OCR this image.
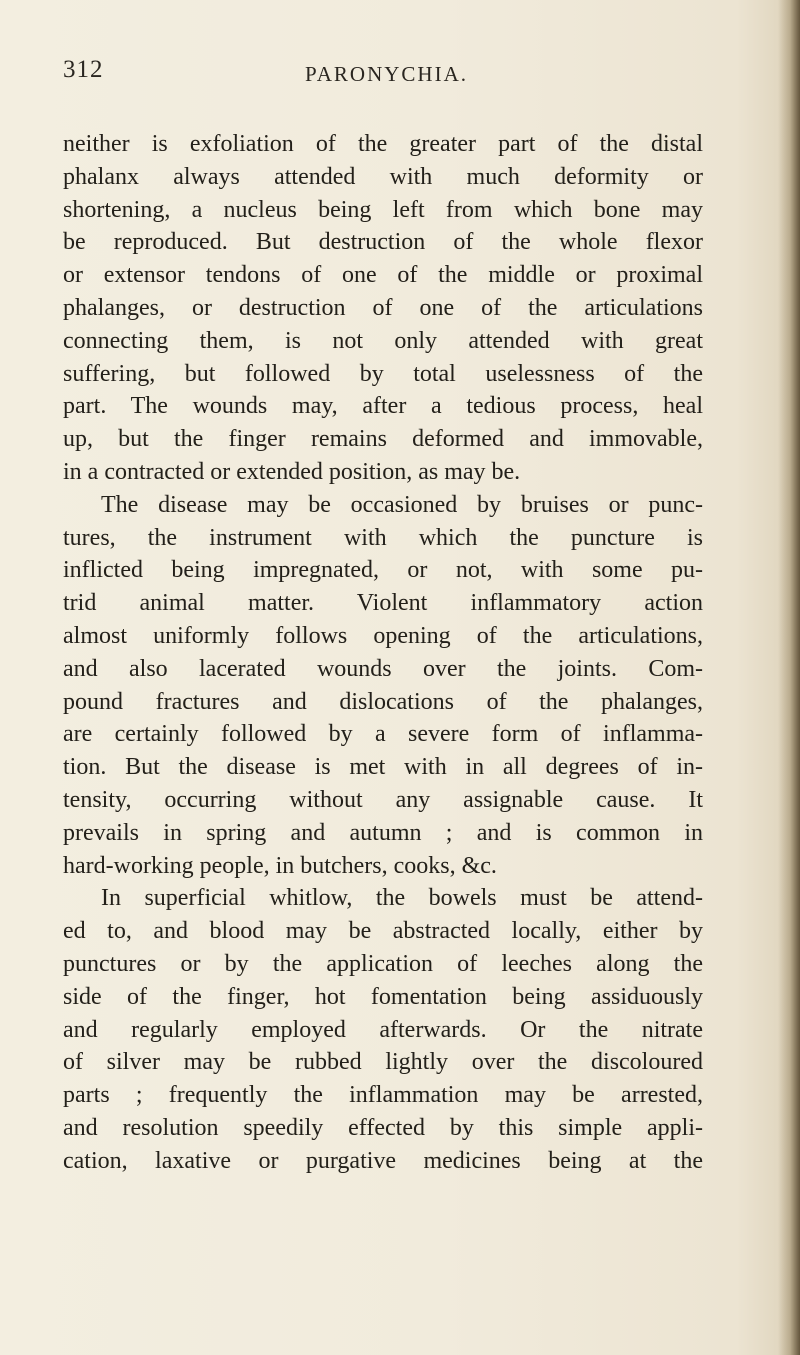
312	PARONYCHIA.
neither is exfoliation of the greater part of the distal
phalanx always attended with much deformity or
shortening, a nucleus being left from which bone may
be reproduced. But destruction of the whole flexor
or extensor tendons of one of the middle or proximal
phalanges, or destruction of one of the articulations
connecting them, is not only attended with great
suffering, but followed by total uselessness of the
part. The wounds may, after a tedious process, heal
up, but the finger remains deformed and immovable,
in a contracted or extended position, as may be.
The disease may be occasioned by bruises or punc-
tures, the instrument with which the puncture is
inflicted being impregnated, or not, with some pu-
trid animal matter. Violent inflammatory action
almost uniformly follows opening of the articulations,
and also lacerated wounds over the joints. Com-
pound fractures and dislocations of the phalanges,
are certainly followed by a severe form of inflamma-
tion. But the disease is met with in all degrees of in-
tensity, occurring without any assignable cause. It
prevails in spring and autumn ; and is common in
hard-working people, in butchers, cooks, &c.
In superficial whitlow, the bowels must be attend-
ed to, and blood may be abstracted locally, either by
punctures or by the application of leeches along the
side of the finger, hot fomentation being assiduously
and regularly employed afterwards. Or the nitrate
of silver may be rubbed lightly over the discoloured
parts ; frequently the inflammation may be arrested,
and resolution speedily effected by this simple appli-
cation, laxative or purgative medicines being at the
